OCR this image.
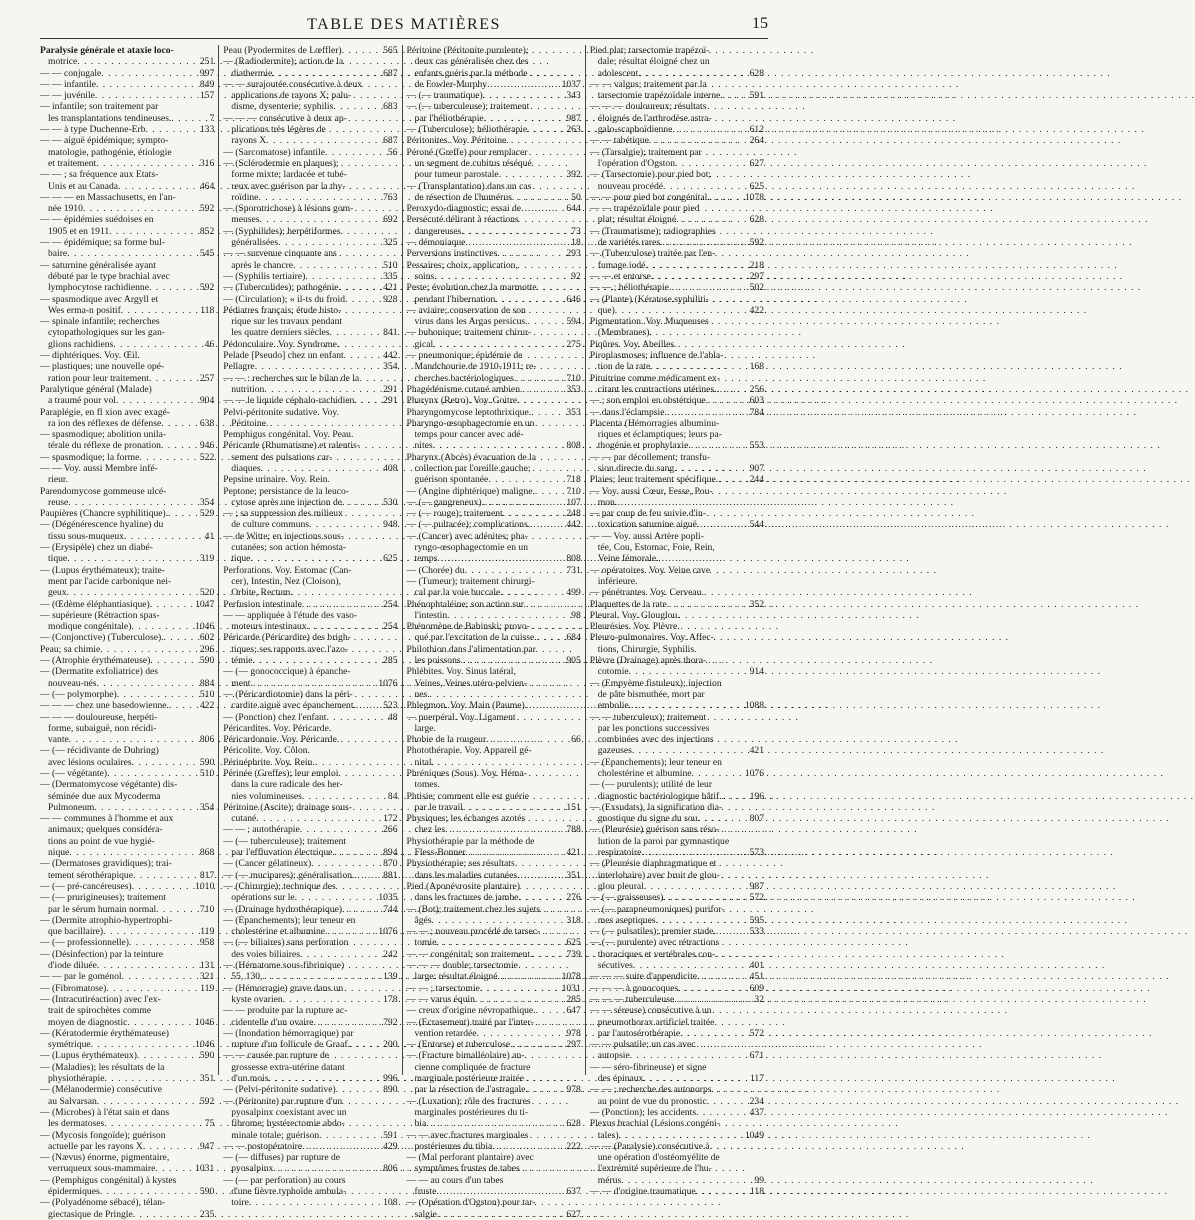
TABLE DES MATIÈRES	15
Paralysie générale et ataxie loco-
motrice . . .	251
— — conjugale . . .	997
— — infantile . . .	849
— — juvénile . . .	157
— infantile; son traitement par
les transplantations tendineuses. . . .	7
— — à type Duchenne-Erb . . .	133
— — aiguë épidémique; sympto-
matologie, pathogénie, étiologie
et traitement . . .	316
— — ; sa fréquence aux Etats-
Unis et au Canada . . .	464
— — — en Massachusetts, en l'an-
née 1910 . . .	592
— — épidémies suédoises en
1905 et en 1911 . . .	852
— — épidémique; sa forme bul-
baire . . .	545
— saturnine généralisée ayant
débuté par le type brachial avec
lymphocytose rachidienne . . .	592
— spasmodique avec Argyll et
Wes erma-n positif . . .	118
— spinale infantile; recherches
cytopathologiques sur les gan-
glions rachidiens . . .	46
— diphtériques. Voy. Œil.
— plastiques; une nouvelle opé-
ration pour leur traitement . . .	257
Paralytique général (Malade)
a traumé pour vol . . .	904
Paraplégie, en fl xion avec exagé-
ra ion des réflexes de défense . . .	638
— spasmodique; abolition unila-
térale du réflexe de pronation . . .	946
— spasmodique; la forme . . .	522
— — Voy. aussi Membre infé-
rieur.
Parendomycose gommeuse ulcé-
reuse . . .	354
Paupières (Chancre syphilitique). . . .	529
— (Dégénérescence hyaline) du
tissu sous-muqueux . . .	41
— (Erysipèle) chez un diabé-
tique . . .	319
— (Lupus érythémateux); traite-
ment par l'acide carbonique nei-
geux . . .	520
— (Œdème éléphantiasique) . . .	1047
— supérieure (Rétraction spas-
modique congénitale) . . .	1046
— (Conjonctive) (Tuberculose). . . .	602
Peau; sa chimie . . .	296
— (Atrophie érythémateuse) . . .	590
— (Dermatite exfoliatrice) des
nouveau-nés . . .	884
— (— polymorphe) . . .	510
— — — chez une basedowienne. . . .	422
— — — douloureuse, herpéti-
forme, subaiguë, non récidi-
vante . . .	806
— (— récidivante de Duhring)
avec lésions oculaires . . .	590
— (— végétante) . . .	510
— (Dermatomycose végétante) dis-
séminée due aux Mycoderma
Pulmoneum . . .	354
— — communes à l'homme et aux
animaux; quelques considéra-
tions au point de vue hygié-
nique . . .	868
— (Dermatoses gravidiques); trai-
tement sérothérapique . . .	817
— (— pré-cancéreuses) . . .	1010
— (— prurigineuses); traitement
par le sérum humain normal . . .	710
— (Dermite atrophio-hypertrophi-
que bacillaire) . . .	119
— (— professionnelle) . . .	958
— (Désinfection) par la teinture
d'iode diluée . . .	131
— — par le goménol . . .	321
— (Fibromatose) . . .	119
— (Intracutiréaction) avec l'ex-
trait de spirochètes comme
moyen de diagnostic . . .	1046
— (Kératodermie érythémateuse)
symétrique . . .	1046
— (Lupus érythémateux) . . .	590
— (Maladies); les résultats de la
physiothérapie . . .	351
— (Mélanodermie) consécutive
au Salvarsan . . .	592
— (Microbes) à l'état sain et dans
les dermatoses . . .	75
— (Mycosis fongoïde); guérison
actuelle par les rayons X . . .	947
— (Nævus) énorme, pigmentaire,
verruqueux sous-mammaire . . .	1031
— (Pemphigus congénital) à kystes
épidermiques . . .	590
— (Polyadénome sébacé), télan-
giectasique de Pringle . . .	235
Peau (Pyodermites de Lœffler) . . .	565
— (Radiodermite); action de la
diathermie . . .	687
— — surajoutée consécutive à deux
applications de rayons X; palu-
disme, dysenterie; syphilis . . .	683
— — — consécutive à deux ap-
plications très légères de
rayons X . . .	687
— (Sarcomatose) infantile . . .	56
— (Sclérodermie en plaques);
forme mixte; lardacée et tubé-
reux avec guérison par la thy-
roïdine . . .	763
— (Sporotrichose) à lésions gom-
meuses . . .	692
— (Syphilides); herpétiformes
généralisées . . .	325
— — survenue cinquante ans
après le chancre . . .	510
— (Syphilis tertiaire) . . .	335
— (Tuberculides); pathogénie . . .	421
— (Circulation); « il-ts du froid . . .	928
Pédiatres français; étude histo-
rique sur les travaux pendant
les quatre derniers siècles . . .	841
Pédonculaire. Voy. Syndrome.
Pelade [Pseudo] chez un enfant . . .	442
Pellagre . . .	354
— — : recherches sur le bilan de la
nutrition . . .	291
— — le liquide céphalo-rachidien . . .	291
Pelvi-péritonite sudative. Voy.
Péritoine.
Pemphigus congénital. Voy. Peau.
Péricarde (Rhumatisme) et ralentis-
sement des pulsations car-
diaques . . .	408
Pepsine urinaire. Voy. Rein.
Peptone; persistance de la leuco-
cytose après une injection de . . .	530
— ; sa suppression des milieux
de culture communs . . .	948
— de Witte; en injections sous-
cutanées; son action hémosta-
tique . . .	625
Perforations. Voy. Estomac (Can-
cer), Intestin, Nez (Cloison),
Orbite, Rectum.
Perfusion intestinale . . .	254
— — appliquée à l'étude des vaso-
moteurs intestinaux . . .	254
Péricarde (Péricardite) des brigh-
tiques; ses rapports avec l'azo-
témie . . .	285
— (— gonococcique) à épanche-
ment . . .	1076
— (Péricardiotomie) dans la péri-
cardite aiguë avec épanchement. . . .	523
— (Ponction) chez l'enfant . . .	48
Péricardites. Voy. Péricarde.
Péricardonnie. Voy. Péricarde.
Péricolite. Voy. Côlon.
Périnéphrite. Voy. Rein.
Périnée (Greffes); leur emploi
dans la cure radicale des her-
nies volumineuses . . .	84
Péritoine (Ascite); drainage sous-
cutané . . .	172
— — ; autothérapie . . .	266
— (— tuberculeuse); traitement
par l'effluvation électrique . . .	894
— (Cancer gélatineux) . . .	870
— (— mucipares); généralisation. . . .	881
— (Chirurgie); technique des
opérations sur le . . .	1035
— (Drainage hydrothérapique) . . .	744
— (Epanchements); leur teneur en
cholestérine et albumine . . .	1076
— (— biliaires) sans perforation
des voies biliaires . . .	242
— (Hématome sous-fibrinique)
55, 130, . . .	139
— (Hémorragie) grave dans un
kyste ovarien . . .	178
— — produite par la rupture ac-
cidentelle d'un ovaire . . .	792
— (Inondation hémorragique) par
rupture d'un follicule de Graaf. . . .	200
— — causée par rupture de
grossesse extra-utérine datant
d'un mois . . .	996
— (Pelvi-péritonite sudative) . . .	890
— (Péritonite) par rupture d'un
pyosalpinx coexistant avec un
fibrome; hystérectomie abdo-
minale totale; guérison . . .	591
— — postopératoire . . .	429
— (— diffuses) par rupture de
pyosalpinx . . .	806
— (— par perforation) au cours
d'une fièvre typhoïde ambula-
toire . . .	108
Péritoine (Péritonite purulente);
deux cas généralisée chez des
enfants guéris par la méthode
de Fowler-Murphy . . .	1037
— (— traumatique) . . .	343
— (— tuberculeuse); traitement
par l'héliothérapie . . .	987
— (Tuberculose); héliothérapie . . .	263
Péritonites. Voy. Péritoine.
Péroné (Greffe) pour remplacer
un segment de cubitus réséqué
pour tumeur parostale . . .	392
— (Transplantation) dans un cas
de résection de l'humérus . . .	50
Peroxydo-diagnostic; essai de . . .	644
Persécuté délirant à réactions
dangereuses . . .	73
— démoniaque . . .	18
Perversions instinctives . . .	293
Pessaires; choix, application,
soins . . .	92
Peste; évolution chez la marmotte
pendant l'hibernation . . .	646
— aviaire; conservation de son
virus dans les Argas persicus. . . .	594
— bubonique; traitement chirur-
gical . . .	275
— pneumonique; épidémie de
Mandchourie de 1910-1911; re-
cherches bactériologiques . . .	710
Phagédénisme cutané ambien . . .	353
Pharynx (Retro). Voy. Goitre.
Pharyngomycose leptothrixique. . . .	353
Pharyngo-œsophagectomie en un
temps pour cancer avec adé-
nites . . .	808
Pharynx (Abcès) évacuation de la
collection par l'oreille gauche;
guérison spontanée . . .	718
— (Angine diphtérique) maligne. . . .	710
— (— gangreneux) . . .	107
— (— rouge); traitement . . .	248
— (— pultacée); complications. . . .	442
— (Cancer) avec adénites; pha-
ryngo-œsophagectomie en un
temps . . .	808
— (Chorée) du . . .	731
— (Tumeur); traitement chirurgi-
cal par la voie buccale . . .	499
Phénophtaléine; son action sur
l'intestin . . .	98
Phénomène de Babinski; provo-
qué par l'excitation de la cuisse. . . .	684
Philothion dans l'alimentation par
les poissons . . .	905
Phlébites. Voy. Sinus latéral,
Veines, Veines utéro-pelvien-
nes.
Phlegmon. Voy. Main (Paume).
— puerpéral. Voy. Ligament
large.
Phobie de la rougeur . . .	66
Photothérapie. Voy. Appareil gé-
nital.
Phréniques (Sous). Voy. Héma-
tomes.
Phtisie; comment elle est guérie
par le travail . . .	151
Physiques; les échanges azotés
chez les . . .	788
Physiothérapie par la méthode de
Fless-Bonner . . .	421
Physiothérapie; ses résultats
dans les maladies cutanées . . .	351
Pied (Aponévrosite plantaire)
dans les fractures de jambe . . .	276
— (Bot); traitement chez les sujets
âgés . . .	318
— — ; nouveau procédé de tarsec-
tomie . . .	625
— — congénital; son traitement. . . .	739
— — — double; tarsectomie
large: résultat éloigné . . .	1078
— — ; tarsectomie . . .	1031
— — varus équin . . .	285
— creux d'origine névropathique. . . .	647
— (Ecrasement) traité par l'inter-
vention retardée . . .	978
— (Entorse) et tuberculose . . .	297
— (Fracture bimalléolaire) an-
cienne compliquée de fracture
marginale postérieure traitée
par la résection de l'astragale. . . .	978
— (Luxation); rôle des fractures
marginales postérieures du ti-
bia . . .	628
— — avec fractures marginales
postérieures du tibia . . .	222
— (Mal perforant plantaire) avec
symptômes frustes de tabes
— — au cours d'un tabes
fruste . . .	637
— (Opération d'Ogston) pour tar-
salgie . . .	627
Pied plat; tarsectomie trapézoï-
dale; résultat éloigné chez un
adolescent . . .	628
— — valgus; traitement par la
tarsectomie trapézoïdale interne. . . .	591
— — — douloureux; résultats
éloignés de l'arthrodèse astra-
galo-scaphoïdienne . . .	612
— — tabétique . . .	264
— (Tarsalgie); traitement par
l'opération d'Ogston . . .	627
— (Tarsectomie) pour pied bot;
nouveau procédé . . .	625
— — pour pied bot congénital. . . .	1078
— — trapézoïdale pour pied
plat; résultat éloigné . . .	628
— (Traumatisme); radiographies
de variétés rares . . .	592
— (Tuberculose) traitée par l'en-
fumage iodé . . .	218
— — et entorse . . .	297
— — ; héliothérapie . . .	502
— (Plante) (Kératose syphiliti-
que) . . .	422
Pigmentation. Voy. Muqueuses
(Membranes).
Piqûres. Voy. Abeilles.
Piroplasmoses; influence de l'abla-
tion de la rate . . .	168
Pituitrine comme médicament ex-
citant les contractions utérines. . . .	256
— ; son emploi en obstétrique . . .	603
— dans l'éclampsie . . .	784
Placenta (Hémorragies albuminu-
riques et éclamptiques; leurs pa-
thogénie et prophylaxie . . .	553
— — par décollement; transfu-
sion directe du sang . . .	907
Plaies; leur traitement spécifique. . . .	244
— Voy. aussi Cœur, Fesse, Pou-
mon.
— par coup de feu suivie d'in-
toxication saturnine aiguë . . .	544
— — Voy. aussi Artère popli-
tée, Cou, Estomac, Foie, Rein,
Veine fémorale.
— opératoires. Voy. Veine cave
inférieure.
— pénétrantes. Voy. Cerveau.
Plaquettes de la rate . . .	352
Pleural. Voy. Glouglou.
Pleurésies. Voy. Plèvre.
Pleuro-pulmonaires. Voy. Affec-
tions, Chirurgie, Syphilis.
Plèvre (Drainage) après thora-
cotomie . . .	914
— (Empyème fistuleux); injection
de pâte bismuthée, mort par
embolie . . .	1088
— — tuberculeux); traitement
par les ponctions successives
combinées avec des injections
gazeuses . . .	421
— (Epanchements); leur teneur en
cholestérine et albumine . . .	1076
— (— purulents); utilité de leur
diagnostic bactériologique hâtif. . . .	196
— (Exsudats), la signification dia-
gnostique du signe du sou . . .	807
— (Pleurésie) guérison sans réso-
lution de la paroi par gymnastique
respiratoire . . .	573
— (Pleurésie diaphragmatique et
interlobaire) avec bruit de glou-
glou pleural . . .	987
— (— graisseuses) . . .	572
— (— parapneumoniques) purifor-
mes aseptiques . . .	595
— (— pulsatiles); premier stade. . . .	533
— (— purulente) avec rétractions
thoraciques et vertébrales con-
sécutives . . .	401
— — — suite d'appendicite . . .	451
— — — à gonocoques . . .	609
— — — tuberculeuse . . .	32
— — séreuse) consécutive à un
pneumothorax artificiel traitée
par l'autosérothérapie . . .	572
— — pulsatile; un cas avec
autopsie . . .	671
— — séro-fibrineuse) et signe
des épinaux . . .	117
— — ; recherche des autonorps
au point de vue du pronostic . . .	234
— (Ponction); les accidents . . .	437
Plexus brachial (Lésions congéni-
tales) . . .	1049
— — (Paralysie) consécutive à
une opération d'ostéomyélite de
l'extrémité supérieure de l'hu-
mérus . . .	99
— — d'origine traumatique . . .	118
